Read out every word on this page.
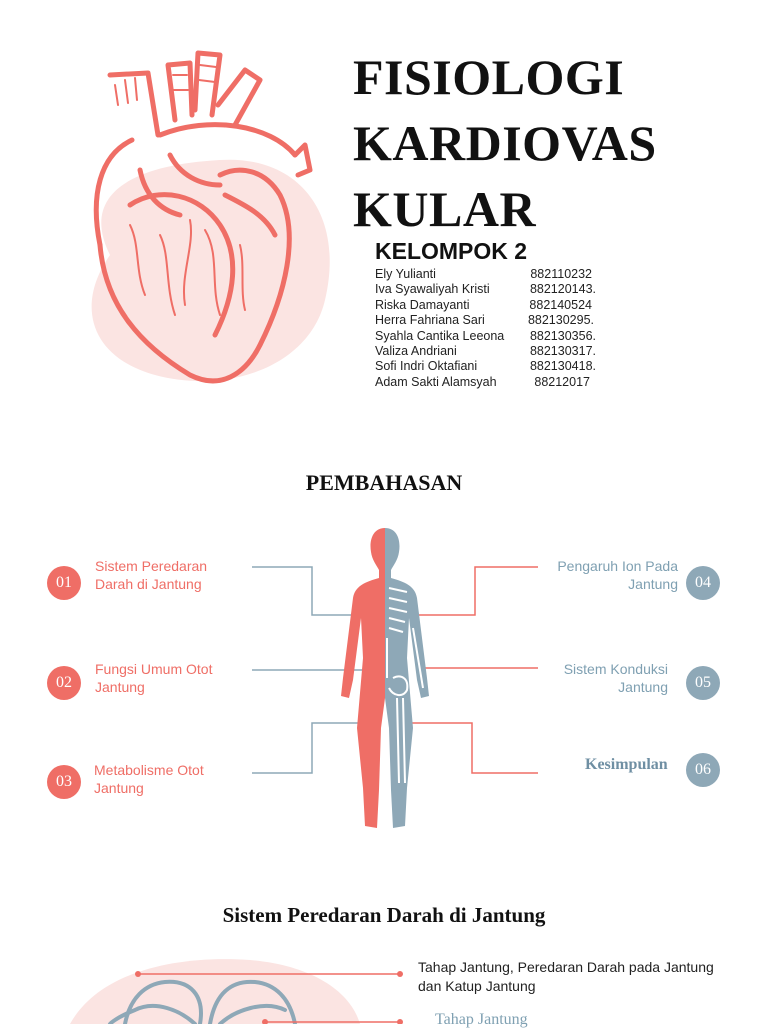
FISIOLOGI
KARDIOVAS
KULAR
KELOMPOK 2
Ely Yulianti	882110232
Iva Syawaliyah Kristi	882120143.
Riska Damayanti	882140524
Herra Fahriana Sari	882130295.
Syahla Cantika Leeona 882130356.
Valiza Andriani	882130317.
Sofi Indri Oktafiani	882130418.
Adam Sakti Alamsyah	88212017
PEMBAHASAN
01
02
03
04
05
06
Sistem Peredaran Darah di Jantung
Fungsi Umum Otot Jantung
Metabolisme Otot Jantung
Pengaruh Ion Pada Jantung
Sistem Konduksi Jantung
Kesimpulan
Sistem Peredaran Darah di Jantung
Tahap Jantung, Peredaran Darah pada Jantung dan Katup Jantung
Tahap Jantung
